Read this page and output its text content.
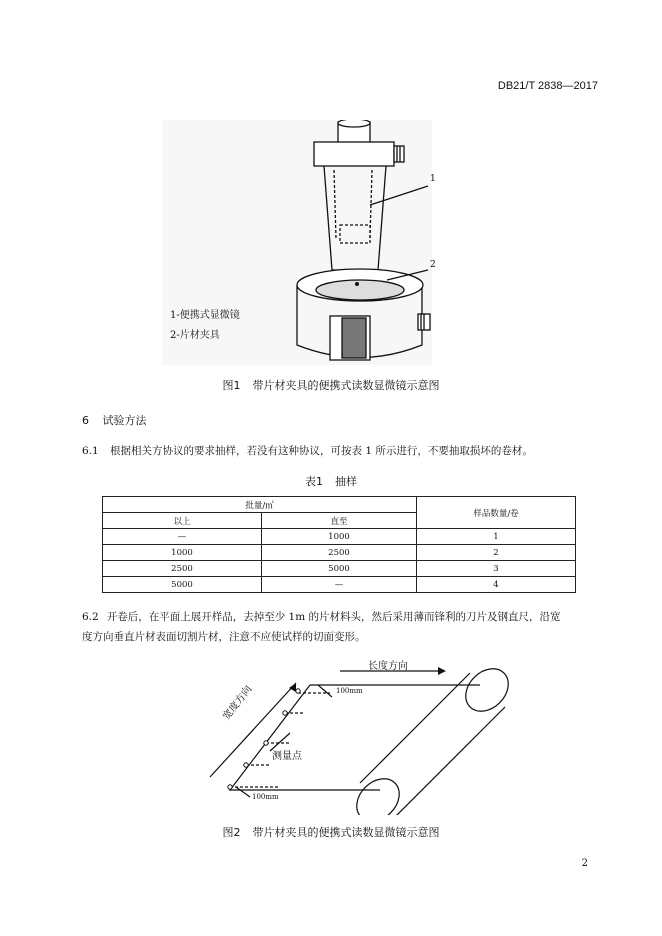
DB21/T 2838—2017
1
2
1-便携式显微镜
2-片材夹具
图1 带片材夹具的便携式读数显微镜示意图
6 试验方法
6.1 根据相关方协议的要求抽样，若没有这种协议，可按表 1 所示进行，不要抽取损坏的卷材。
表1 抽样
批量/㎡		样品数量/卷
以上	直至	
—	1000	1
1000	2500	2
2500	5000	3
5000	—	4
6.2 开卷后，在平面上展开样品，去掉至少 1m 的片材料头，然后采用薄而锋利的刀片及钢直尺，沿宽
度方向垂直片材表面切割片材，注意不应使试样的切面变形。
长度方向
宽度方向
测量点
100mm
100mm
图2 带片材夹具的便携式读数显微镜示意图
2
